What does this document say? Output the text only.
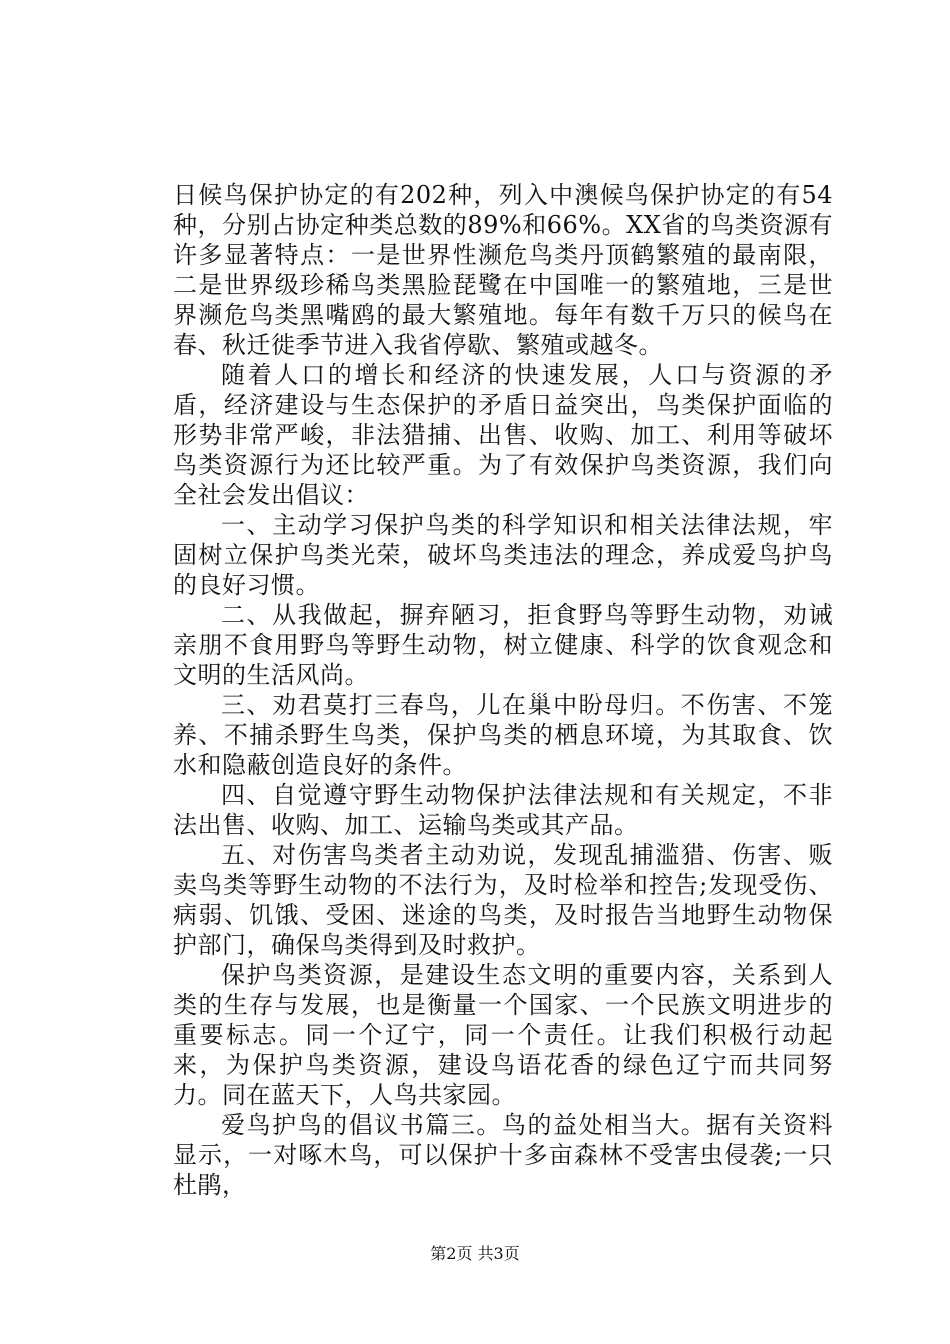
日候鸟保护协定的有202种，列入中澳候鸟保护协定的有54种，分别占协定种类总数的89%和66%。XX省的鸟类资源有许多显著特点：一是世界性濒危鸟类丹顶鹤繁殖的最南限，二是世界级珍稀鸟类黑脸琵鹭在中国唯一的繁殖地，三是世界濒危鸟类黑嘴鸥的最大繁殖地。每年有数千万只的候鸟在春、秋迁徙季节进入我省停歇、繁殖或越冬。

随着人口的增长和经济的快速发展，人口与资源的矛盾，经济建设与生态保护的矛盾日益突出，鸟类保护面临的形势非常严峻，非法猎捕、出售、收购、加工、利用等破坏鸟类资源行为还比较严重。为了有效保护鸟类资源，我们向全社会发出倡议：

一、主动学习保护鸟类的科学知识和相关法律法规，牢固树立保护鸟类光荣，破坏鸟类违法的理念，养成爱鸟护鸟的良好习惯。

二、从我做起，摒弃陋习，拒食野鸟等野生动物，劝诫亲朋不食用野鸟等野生动物，树立健康、科学的饮食观念和文明的生活风尚。

三、劝君莫打三春鸟，儿在巢中盼母归。不伤害、不笼养、不捕杀野生鸟类，保护鸟类的栖息环境，为其取食、饮水和隐蔽创造良好的条件。

四、自觉遵守野生动物保护法律法规和有关规定，不非法出售、收购、加工、运输鸟类或其产品。

五、对伤害鸟类者主动劝说，发现乱捕滥猎、伤害、贩卖鸟类等野生动物的不法行为，及时检举和控告;发现受伤、病弱、饥饿、受困、迷途的鸟类，及时报告当地野生动物保护部门，确保鸟类得到及时救护。

保护鸟类资源，是建设生态文明的重要内容，关系到人类的生存与发展，也是衡量一个国家、一个民族文明进步的重要标志。同一个辽宁，同一个责任。让我们积极行动起来，为保护鸟类资源，建设鸟语花香的绿色辽宁而共同努力。同在蓝天下，人鸟共家园。

爱鸟护鸟的倡议书篇三。鸟的益处相当大。据有关资料显示，一对啄木鸟，可以保护十多亩森林不受害虫侵袭;一只杜鹃，

第2页 共3页
